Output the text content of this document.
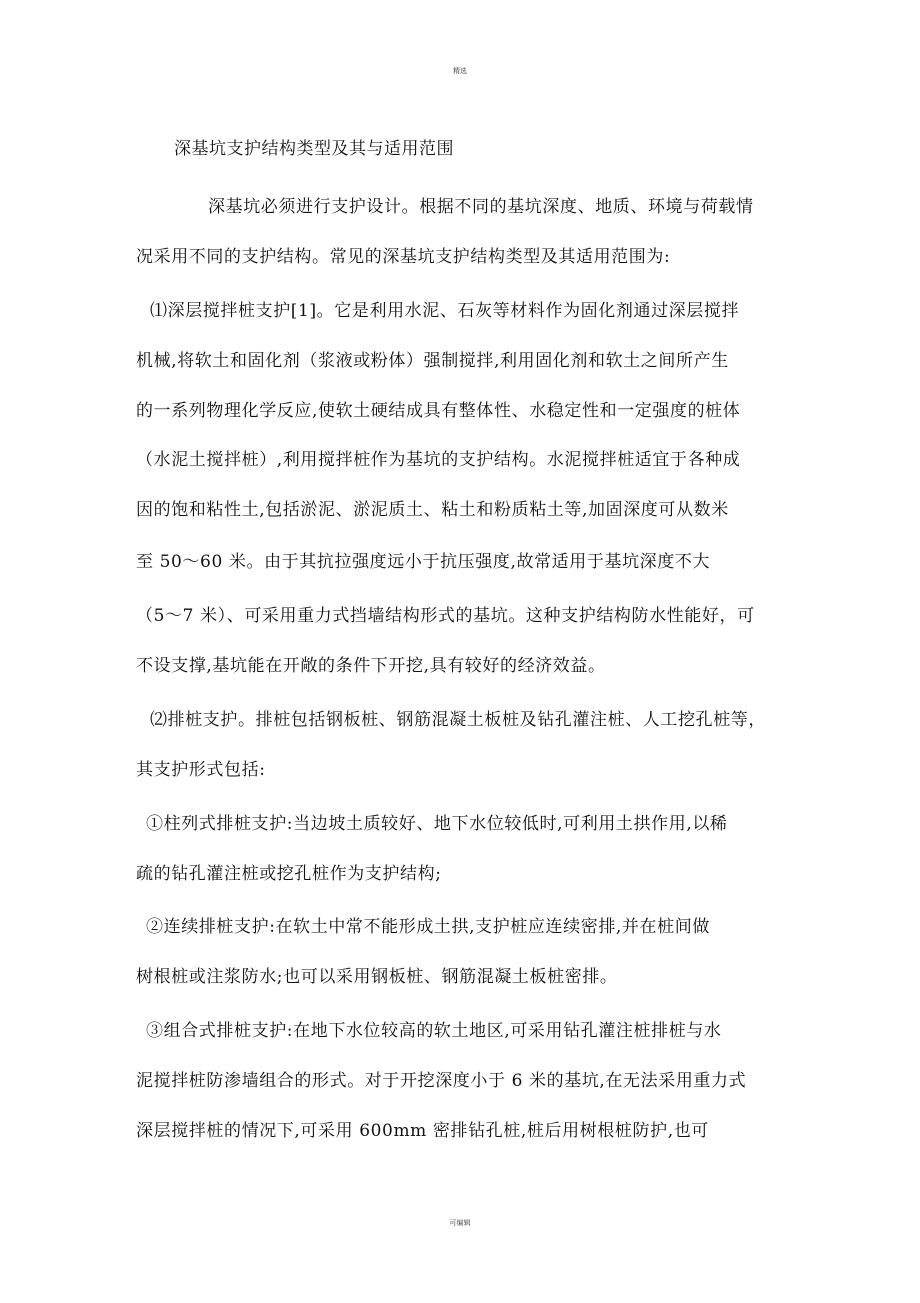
精选
深基坑支护结构类型及其与适用范围
深基坑必须进行支护设计。根据不同的基坑深度、地质、环境与荷载情
况采用不同的支护结构。常见的深基坑支护结构类型及其适用范围为:
⑴深层搅拌桩支护[1]。它是利用水泥、石灰等材料作为固化剂通过深层搅拌
机械,将软土和固化剂（浆液或粉体）强制搅拌,利用固化剂和软土之间所产生
的一系列物理化学反应,使软土硬结成具有整体性、水稳定性和一定强度的桩体
（水泥土搅拌桩）,利用搅拌桩作为基坑的支护结构。水泥搅拌桩适宜于各种成
因的饱和粘性土,包括淤泥、淤泥质土、粘土和粉质粘土等,加固深度可从数米
至 50～60 米。由于其抗拉强度远小于抗压强度,故常适用于基坑深度不大
（5～7 米）、可采用重力式挡墙结构形式的基坑。这种支护结构防水性能好，可
不设支撑,基坑能在开敞的条件下开挖,具有较好的经济效益。
⑵排桩支护。排桩包括钢板桩、钢筋混凝土板桩及钻孔灌注桩、人工挖孔桩等，
其支护形式包括:
①柱列式排桩支护:当边坡土质较好、地下水位较低时,可利用土拱作用,以稀
疏的钻孔灌注桩或挖孔桩作为支护结构;
②连续排桩支护:在软土中常不能形成土拱,支护桩应连续密排,并在桩间做
树根桩或注浆防水;也可以采用钢板桩、钢筋混凝土板桩密排。
③组合式排桩支护:在地下水位较高的软土地区,可采用钻孔灌注桩排桩与水
泥搅拌桩防渗墙组合的形式。对于开挖深度小于 6 米的基坑,在无法采用重力式
深层搅拌桩的情况下,可采用 600mm 密排钻孔桩,桩后用树根桩防护,也可
可编辑
